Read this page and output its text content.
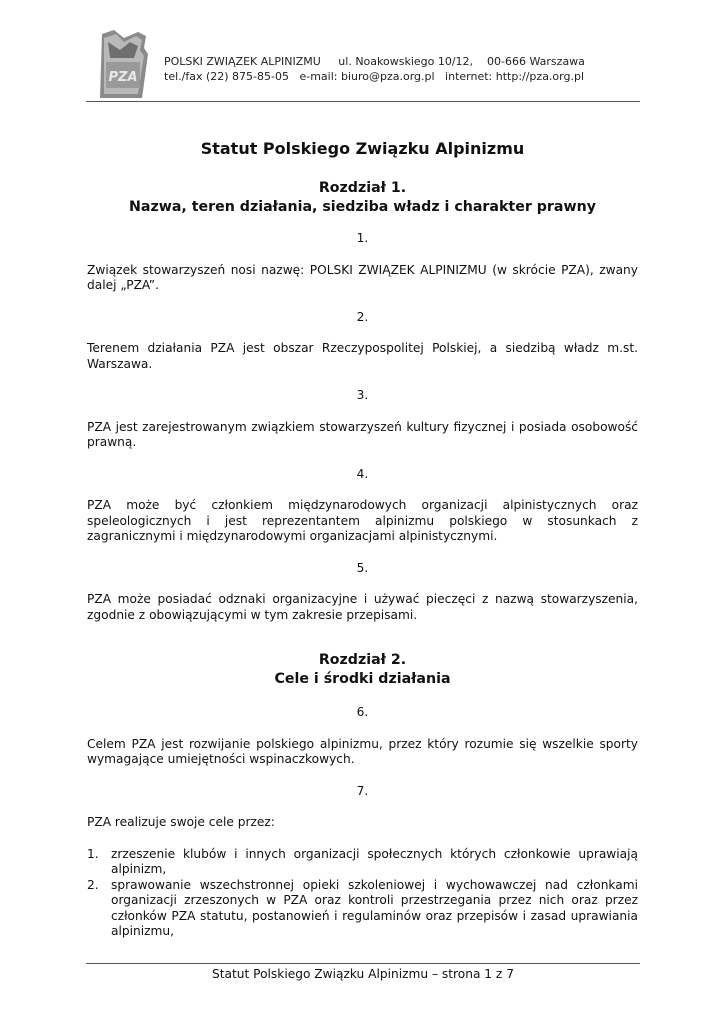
PZA
POLSKI ZWIĄZEK ALPINIZMU     ul. Noakowskiego 10/12,    00-666 Warszawa
tel./fax (22) 875-85-05   e-mail: biuro@pza.org.pl   internet: http://pza.org.pl
Statut Polskiego Związku Alpinizmu

Rozdział 1.

Nazwa, teren działania, siedziba władz i charakter prawny

1.

Związek stowarzyszeń nosi nazwę: POLSKI ZWIĄZEK ALPINIZMU (w skrócie PZA), zwany dalej „PZA”.

2.

Terenem działania PZA jest obszar Rzeczypospolitej Polskiej, a siedzibą władz m.st. Warszawa.

3.

PZA jest zarejestrowanym związkiem stowarzyszeń kultury fizycznej i posiada osobowość prawną.

4.

PZA może być członkiem międzynarodowych organizacji alpinistycznych oraz speleologicznych i jest reprezentantem alpinizmu polskiego w stosunkach z zagranicznymi i międzynarodowymi organizacjami alpinistycznymi.

5.

PZA może posiadać odznaki organizacyjne i używać pieczęci z nazwą stowarzyszenia, zgodnie z obowiązującymi w tym zakresie przepisami.

Rozdział 2.

Cele i środki działania

6.

Celem PZA jest rozwijanie polskiego alpinizmu, przez który rozumie się wszelkie sporty wymagające umiejętności wspinaczkowych.

7.

PZA realizuje swoje cele przez:

1. zrzeszenie klubów i innych organizacji społecznych których członkowie uprawiają alpinizm,
2. sprawowanie wszechstronnej opieki szkoleniowej i wychowawczej nad członkami organizacji zrzeszonych w PZA oraz kontroli przestrzegania przez nich oraz przez członków PZA statutu, postanowień i regulaminów oraz przepisów i zasad uprawiania alpinizmu,
Statut Polskiego Związku Alpinizmu – strona 1 z 7
